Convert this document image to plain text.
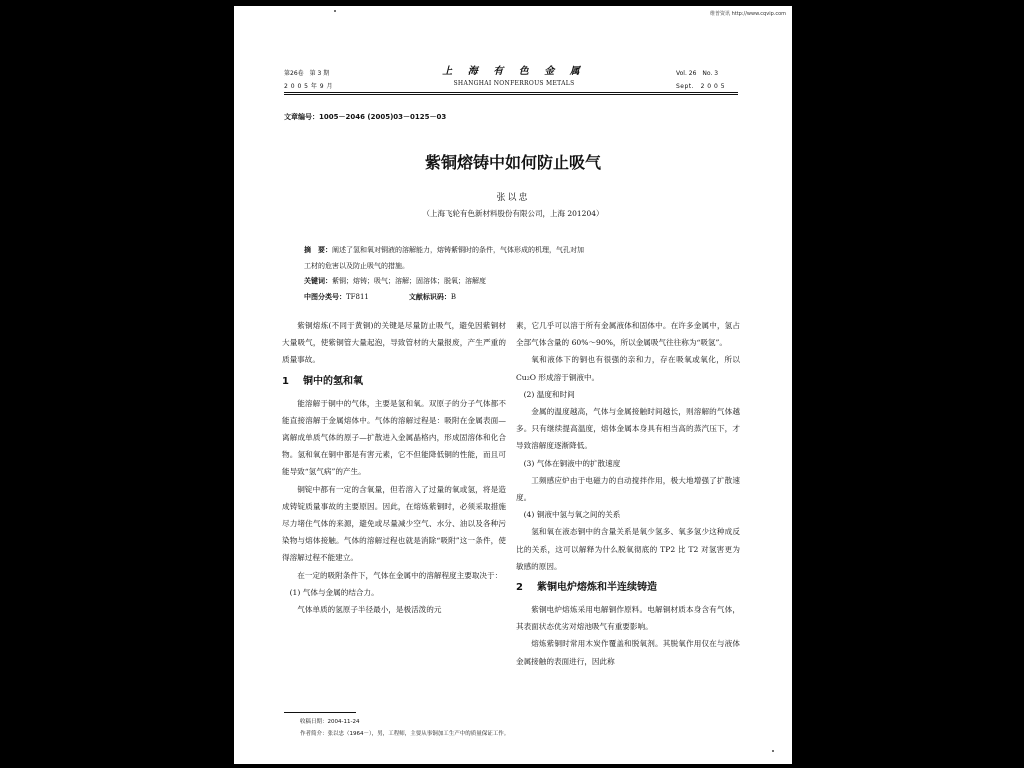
维普资讯 http://www.cqvip.com
第26卷　第 3 期
2 0 0 5 年 9 月
上 海 有 色 金 属
SHANGHAI NONFERROUS METALS
Vol. 26　No. 3
Sept.　2 0 0 5
文章编号：1005－2046 (2005)03－0125－03
紫铜熔铸中如何防止吸气
张以忠
（上海飞轮有色新材料股份有限公司，上海 201204）
摘　要：阐述了氢和氧对铜液的溶解能力，熔铸紫铜时的条件，气体形成的机理，气孔对加
工材的危害以及防止吸气的措施。
关键词：紫铜；熔铸；吸气；溶解；固溶体；脱氧；溶解度
中图分类号：TF811	文献标识码：B

紫铜熔炼(不同于黄铜)的关键是尽量防止吸气，避免因紫铜材大量吸气，使紫铜管大量起泡，导致管材的大量报废，产生严重的质量事故。

1 铜中的氢和氧

能溶解于铜中的气体，主要是氢和氧。双原子的分子气体都不能直接溶解于金属熔体中。气体的溶解过程是：吸附在金属表面—离解成单质气体的原子—扩散进入金属晶格内，形成固溶体和化合物。氢和氧在铜中都是有害元素，它不但能降低铜的性能，而且可能导致“氢气病”的产生。

铜锭中都有一定的含氧量，但若溶入了过量的氧或氢，将是造成铸锭质量事故的主要原因。因此，在熔炼紫铜时，必须采取措施尽力堵住气体的来源，避免或尽量减少空气、水分、油以及各种污染物与熔体接触。气体的溶解过程也就是消除“吸附”这一条件，使得溶解过程不能建立。

在一定的吸附条件下，气体在金属中的溶解程度主要取决于：

(1) 气体与金属的结合力。

气体单质的氢原子半径最小，是极活泼的元

素，它几乎可以溶于所有金属液体和固体中。在许多金属中，氢占全部气体含量的 60%～90%，所以金属吸气往往称为“吸氢”。

氧和液体下的铜也有很强的亲和力，存在吸氧或氧化，所以 Cu₂O 形成溶于铜液中。

(2) 温度和时间

金属的温度越高，气体与金属接触时间越长，则溶解的气体越多。只有继续提高温度，熔体金属本身具有相当高的蒸汽压下，才导致溶解度逐渐降低。

(3) 气体在铜液中的扩散速度

工频感应炉由于电磁力的自动搅拌作用，极大地增强了扩散速度。

(4) 铜液中氢与氧之间的关系

氢和氧在液态铜中的含量关系是氧少氢多、氧多氢少这种成反比的关系，这可以解释为什么脱氧彻底的 TP2 比 T2 对氢害更为敏感的原因。

2 紫铜电炉熔炼和半连续铸造

紫铜电炉熔炼采用电解铜作原料。电解铜材质本身含有气体，其表面状态优劣对熔池吸气有重要影响。

熔炼紫铜时常用木炭作覆盖和脱氧剂。其脱氧作用仅在与液体金属接触的表面进行，因此称

收稿日期：2004-11-24
作者简介：张以忠（1964－），男，工程师，主要从事铜加工生产中的质量保证工作。
